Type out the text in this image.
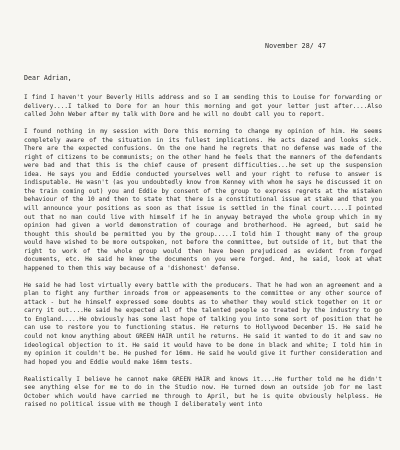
November 28/ 47
Dear Adrian,

I find I haven't your Beverly Hills address and so I am sending this to Louise for forwarding or delivery....I talked to Dore for an hour this morning and got your letter just after....Also called John Weber after my talk with Dore and he will no doubt call you to report.

I found nothing in my session with Dore this morning to change my opinion of him. He seems completely aware of the situation in its fullest implications. He acts dazed and looks sick. There are the expected confusions. On the one hand he regrets that no defense was made of the right of citizens to be communists; on the other hand he feels that the manners of the defendants were bad and that this is the chief cause of present difficulties...he set up the suspension idea. He says you and Eddie conducted yourselves well and your right to refuse to answer is indisputable. He wasn't (as you undoubtedly know from Kenney with whom he says he discussed it on the train coming out) you and Eddie by consent of the group to express regrets at the mistaken behaviour of the 10 and then to state that there is a constitutional issue at stake and that you will announce your positions as soon as that issue is settled in the final court.....I pointed out that no man could live with himself if he in anyway betrayed the whole group which in my opinion had given a world demonstration of courage and brotherhood. He agreed, but said he thought this should be permitted you by the group.....I told him I thought many of the group would have wished to be more outspoken, not before the committee, but outside of it, but that the right to work of the whole group would then have been prejudiced as evident from forged documents, etc. He said he knew the documents on you were forged. And, he said, look at what happened to them this way because of a 'dishonest' defense.

He said he had lost virtually every battle with the producers. That he had won an agreement and a plan to fight any further inroads from or appeasements to the committee or any other source of attack - but he himself expressed some doubts as to whether they would stick together on it or carry it out....He said he expected all of the talented people so treated by the industry to go to England.....He obviously has some last hope of talking you into some sort of position that he can use to restore you to functioning status. He returns to Hollywood December 15. He said he could not know anything about GREEN HAIR until he returns. He said it wanted to do it and saw no ideological objection to it. He said it would have to be done in black and white; I told him in my opinion it couldn't be. He pushed for 16mm. He said he would give it further consideration and had hoped you and Eddie would make 16mm tests.

Realistically I believe he cannot make GREEN HAIR and knows it....He further told me he didn't see anything else for me to do in the Studio now. He turned down an outside job for me last October which would have carried me through to April, but he is quite obviously helpless. He raised no political issue with me though I deliberately went into
